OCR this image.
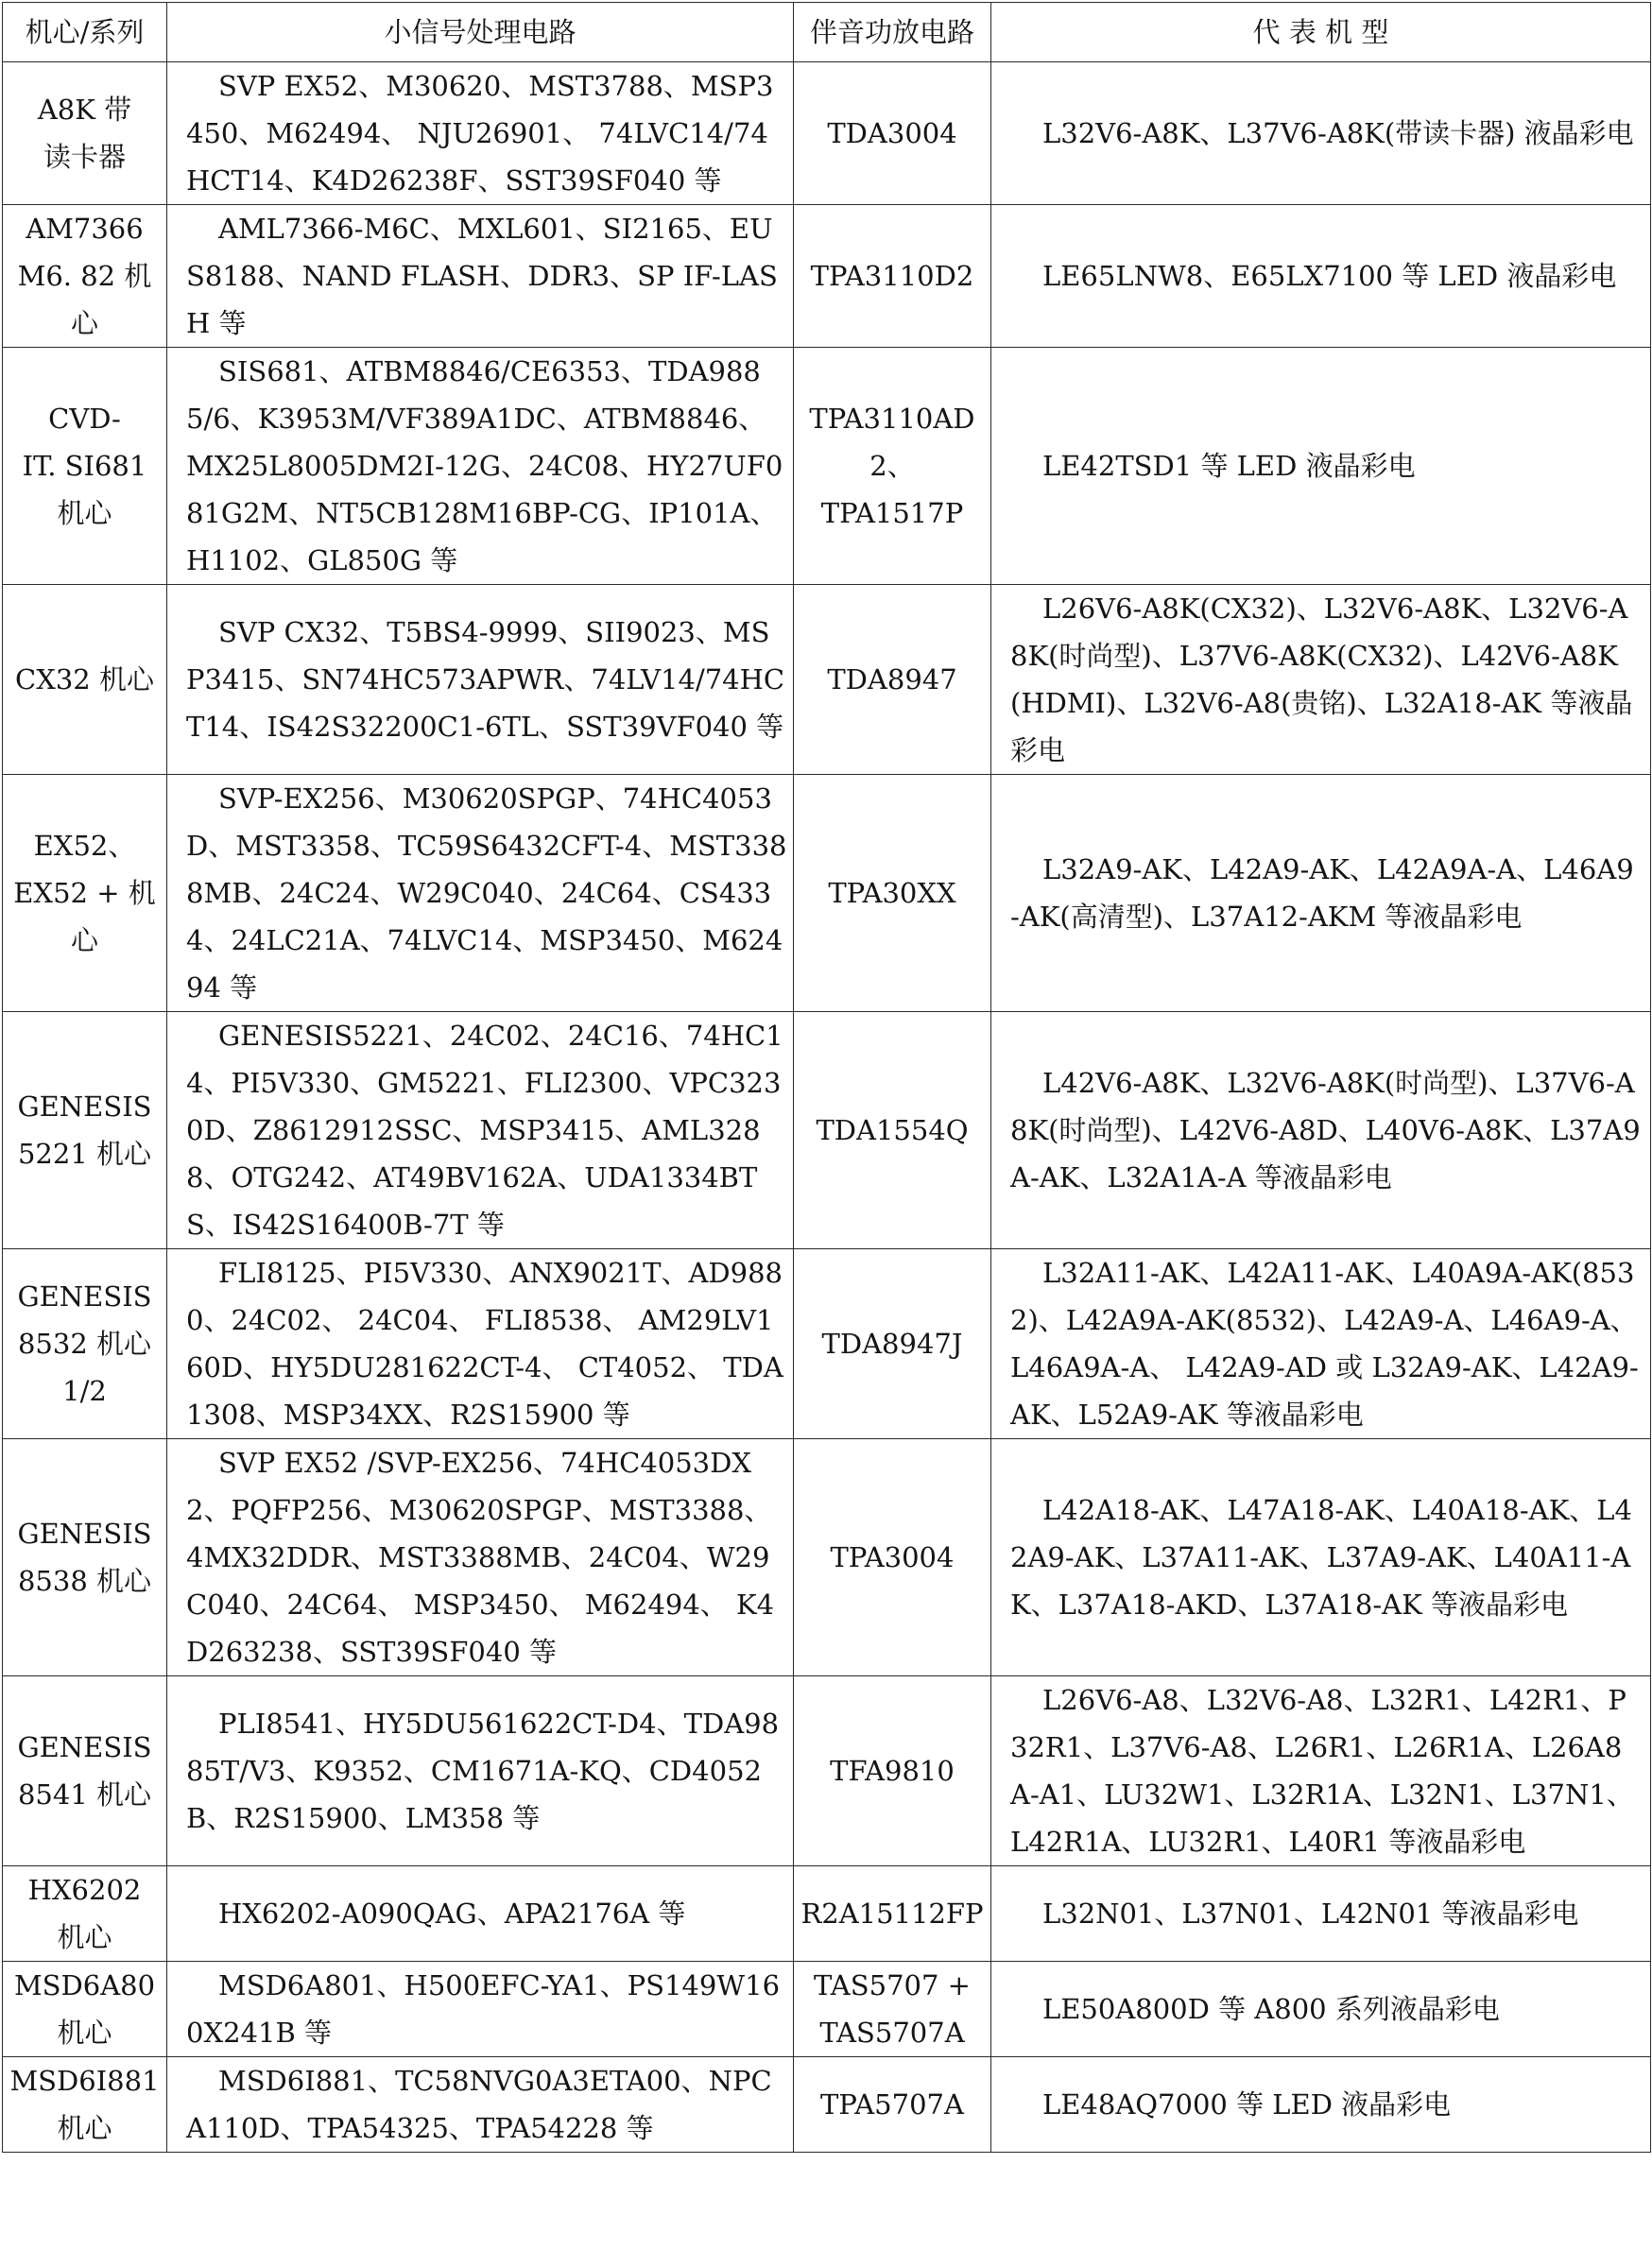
机心/系列	小信号处理电路	伴音功放电路	代 表 机 型

A8K 带
读卡器	SVP EX52、M30620、MST3788、MSP3450、M62494、 NJU26901、 74LVC14/74HCT14、K4D26238F、SST39SF040 等	TDA3004	L32V6-A8K、L37V6-A8K(带读卡器) 液晶彩电

AM7366
M6. 82 机心	AML7366-M6C、MXL601、SI2165、EUS8188、NAND FLASH、DDR3、SP IF-LASH 等	TPA3110D2	LE65LNW8、E65LX7100 等 LED 液晶彩电

CVD-
IT. SI681
机心	SIS681、ATBM8846/CE6353、TDA9885/6、K3953M/VF389A1DC、ATBM8846、MX25L8005DM2I-12G、24C08、HY27UF081G2M、NT5CB128M16BP-CG、IP101A、H1102、GL850G 等	TPA3110AD2、
TPA1517P	LE42TSD1 等 LED 液晶彩电

CX32 机心	SVP CX32、T5BS4-9999、SII9023、MSP3415、SN74HC573APWR、74LV14/74HCT14、IS42S32200C1-6TL、SST39VF040 等	TDA8947	L26V6-A8K(CX32)、L32V6-A8K、L32V6-A8K(时尚型)、L37V6-A8K(CX32)、L42V6-A8K(HDMI)、L32V6-A8(贵铭)、L32A18-AK 等液晶彩电

EX52、
EX52 + 机心	SVP-EX256、M30620SPGP、74HC4053D、MST3358、TC59S6432CFT-4、MST3388MB、24C24、W29C040、24C64、CS4334、24LC21A、74LVC14、MSP3450、M62494 等	TPA30XX	L32A9-AK、L42A9-AK、L42A9A-A、L46A9-AK(高清型)、L37A12-AKM 等液晶彩电

GENESIS
5221 机心	GENESIS5221、24C02、24C16、74HC14、PI5V330、GM5221、FLI2300、VPC3230D、Z8612912SSC、MSP3415、AML3288、OTG242、AT49BV162A、UDA1334BTS、IS42S16400B-7T 等	TDA1554Q	L42V6-A8K、L32V6-A8K(时尚型)、L37V6-A8K(时尚型)、L42V6-A8D、L40V6-A8K、L37A9A-AK、L32A1A-A 等液晶彩电

GENESIS
8532 机心
1/2	FLI8125、PI5V330、ANX9021T、AD9880、24C02、 24C04、 FLI8538、 AM29LV160D、HY5DU281622CT-4、 CT4052、 TDA1308、MSP34XX、R2S15900 等	TDA8947J	L32A11-AK、L42A11-AK、L40A9A-AK(8532)、L42A9A-AK(8532)、L42A9-A、L46A9-A、 L46A9A-A、 L42A9-AD 或 L32A9-AK、L42A9-AK、L52A9-AK 等液晶彩电

GENESIS
8538 机心	SVP EX52 /SVP-EX256、74HC4053DX2、PQFP256、M30620SPGP、MST3388、4MX32DDR、MST3388MB、24C04、W29C040、24C64、 MSP3450、 M62494、 K4D263238、SST39SF040 等	TPA3004	L42A18-AK、L47A18-AK、L40A18-AK、L42A9-AK、L37A11-AK、L37A9-AK、L40A11-AK、L37A18-AKD、L37A18-AK 等液晶彩电

GENESIS
8541 机心	PLI8541、HY5DU561622CT-D4、TDA9885T/V3、K9352、CM1671A-KQ、CD4052B、R2S15900、LM358 等	TFA9810	L26V6-A8、L32V6-A8、L32R1、L42R1、P32R1、L37V6-A8、L26R1、L26R1A、L26A8A-A1、LU32W1、L32R1A、L32N1、L37N1、L42R1A、LU32R1、L40R1 等液晶彩电

HX6202
机心	HX6202-A090QAG、APA2176A 等	R2A15112FP	L32N01、L37N01、L42N01 等液晶彩电

MSD6A80
机心	MSD6A801、H500EFC-YA1、PS149W160X241B 等	TAS5707 +
TAS5707A	LE50A800D 等 A800 系列液晶彩电

MSD6I881
机心	MSD6I881、TC58NVG0A3ETA00、NPCA110D、TPA54325、TPA54228 等	TPA5707A	LE48AQ7000 等 LED 液晶彩电
